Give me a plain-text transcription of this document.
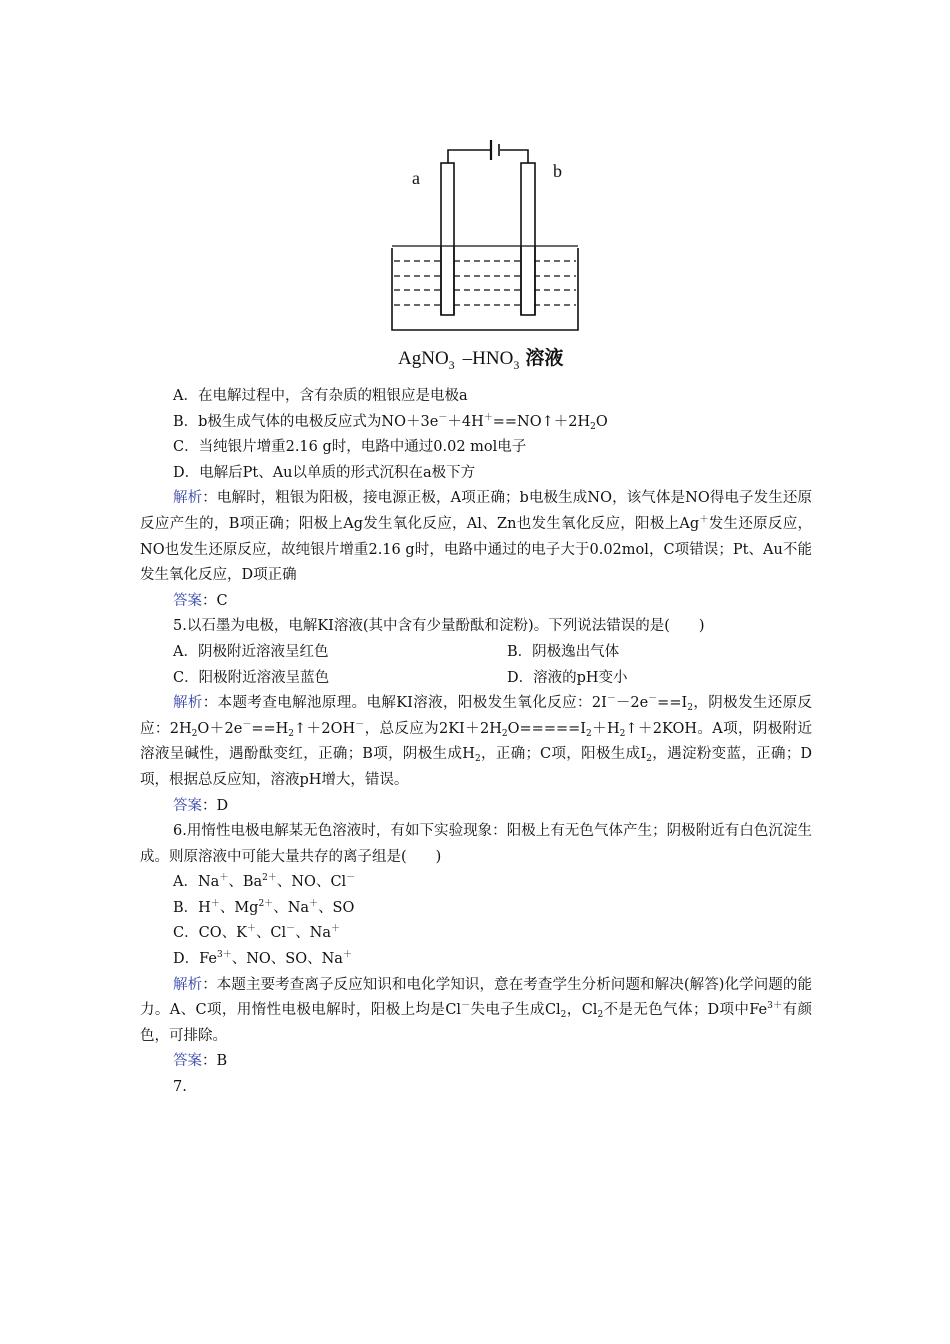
a	b
AgNO$_3$ $-HNO_3$ 溶液
A．在电解过程中，含有杂质的粗银应是电极a
B．b极生成气体的电极反应式为$NO+3e^-+4H^+==NO↑+2H_2O$
C．当纯银片增重2.16 g时，电路中通过0.02 mol电子
D．电解后Pt、Au以单质的形式沉积在a极下方
解析：电解时，粗银为阳极，接电源正极，A项正确；b电极生成NO，该气体是NO得电子发生还原反应产生的，B项正确；阳极上Ag发生氧化反应，Al、Zn也发生氧化反应，阳极上Ag＋发生还原反应，NO也发生还原反应，故纯银片增重2.16 g时，电路中通过的电子大于0.02mol，C项错误；Pt、Au不能发生氧化反应，D项正确
答案：C
5.以石墨为电极，电解KI溶液(其中含有少量酚酞和淀粉)。下列说法错误的是(　　)
A．阴极附近溶液呈红色	B．阴极逸出气体
C．阳极附近溶液呈蓝色	D．溶液的pH变小
解析：本题考查电解池原理。电解KI溶液，阳极发生氧化反应：$2I^--2e^-==I_2$，阴极发生还原反应：$2H_2O+2e^-==H_2↑+2OH^-$，总反应为$2KI+2H_2O=====I_2+H_2↑+2KOH$。A项，阴极附近溶液呈碱性，遇酚酞变红，正确；B项，阴极生成$H_2$，正确；C项，阳极生成$I_2$，遇淀粉变蓝，正确；D项，根据总反应知，溶液pH增大，错误。
答案：D
6.用惰性电极电解某无色溶液时，有如下实验现象：阳极上有无色气体产生；阴极附近有白色沉淀生成。则原溶液中可能大量共存的离子组是(　　)
A．Na＋、$Ba^{2+}$、NO、Cl－
B．H＋、$Mg^{2+}$、Na＋、SO
C．CO、K＋、Cl－、Na＋
D．$Fe^{3+}$、NO、SO、Na＋
解析：本题主要考查离子反应知识和电化学知识，意在考查学生分析问题和解决(解答)化学问题的能力。A、C项，用惰性电极电解时，阳极上均是Cl－失电子生成$Cl_2$，$Cl_2$不是无色气体；D项中$Fe^{3+}$有颜色，可排除。
答案：B
7.
